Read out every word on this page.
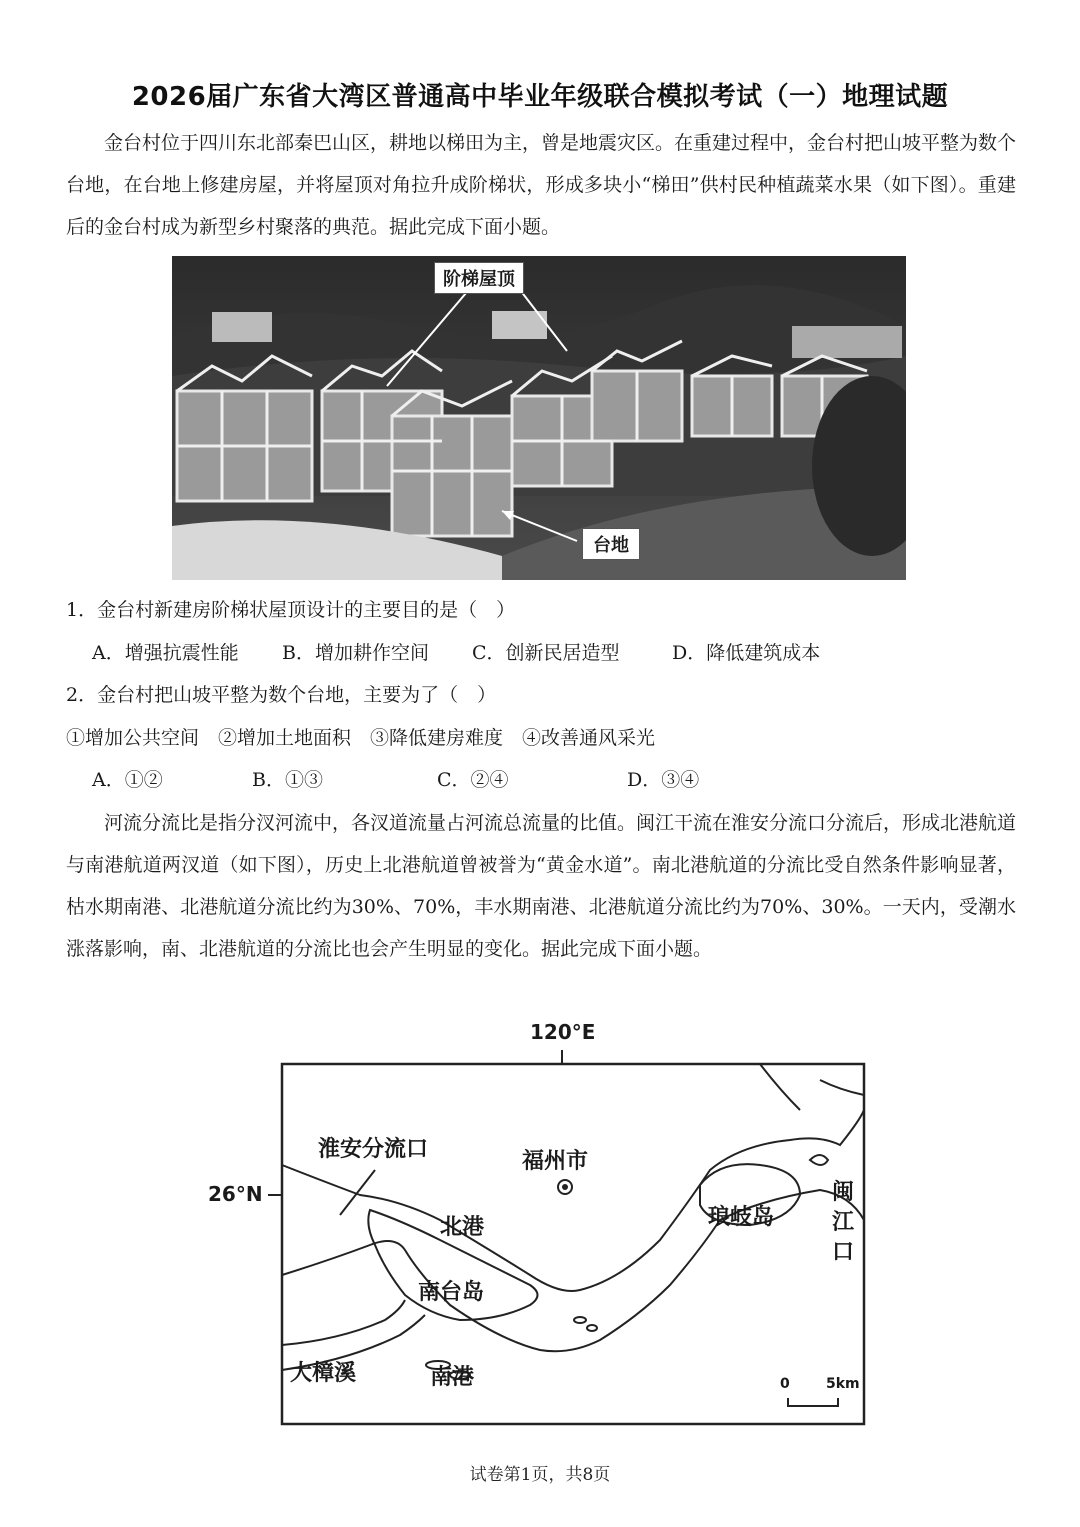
2026届广东省大湾区普通高中毕业年级联合模拟考试（一）地理试题
金台村位于四川东北部秦巴山区，耕地以梯田为主，曾是地震灾区。在重建过程中，金台村把山坡平整为数个台地，在台地上修建房屋，并将屋顶对角拉升成阶梯状，形成多块小“梯田”供村民种植蔬菜水果（如下图）。重建后的金台村成为新型乡村聚落的典范。据此完成下面小题。
阶梯屋顶
台地
1．金台村新建房阶梯状屋顶设计的主要目的是（　）
A．增强抗震性能 B．增加耕作空间 C．创新民居造型	D．降低建筑成本
2．金台村把山坡平整为数个台地，主要为了（　）
①增加公共空间　②增加土地面积　③降低建房难度　④改善通风采光
A．①②	B．①③	C．②④	D．③④
河流分流比是指分汊河流中，各汊道流量占河流总流量的比值。闽江干流在淮安分流口分流后，形成北港航道与南港航道两汊道（如下图），历史上北港航道曾被誉为“黄金水道”。南北港航道的分流比受自然条件影响显著，枯水期南港、北港航道分流比约为30%、70%，丰水期南港、北港航道分流比约为70%、30%。一天内，受潮水涨落影响，南、北港航道的分流比也会产生明显的变化。据此完成下面小题。
120°E
26°N
淮安分流口	福州市
北港
南台岛
南港
大樟溪
琅岐岛
闽
江
口
0	5km
试卷第1页，共8页
